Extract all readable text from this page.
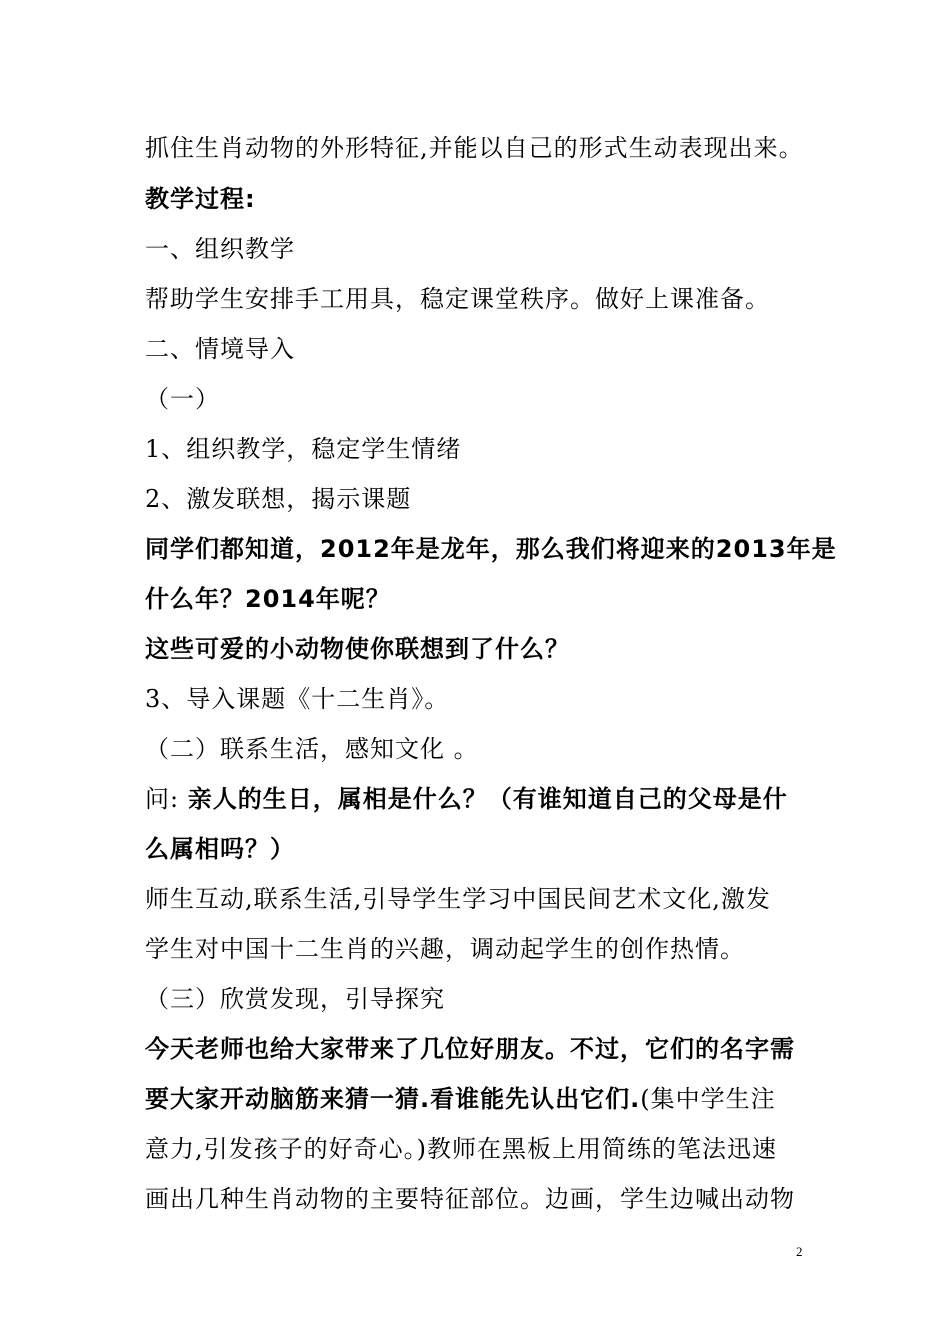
抓住生肖动物的外形特征,并能以自己的形式生动表现出来。
教学过程:
一、组织教学
帮助学生安排手工用具，稳定课堂秩序。做好上课准备。
二、情境导入
（一）
1、组织教学，稳定学生情绪
2、激发联想，揭示课题
同学们都知道，2012年是龙年，那么我们将迎来的2013年是
什么年？2014年呢？
这些可爱的小动物使你联想到了什么？
3、导入课题《十二生肖》。
（二）联系生活，感知文化 。
问: 亲人的生日，属相是什么？（有谁知道自己的父母是什
么属相吗？）
师生互动,联系生活,引导学生学习中国民间艺术文化,激发
学生对中国十二生肖的兴趣，调动起学生的创作热情。
（三）欣赏发现，引导探究
今天老师也给大家带来了几位好朋友。不过，它们的名字需
要大家开动脑筋来猜一猜.看谁能先认出它们.(集中学生注
意力,引发孩子的好奇心。)教师在黑板上用简练的笔法迅速
画出几种生肖动物的主要特征部位。边画，学生边喊出动物
2
